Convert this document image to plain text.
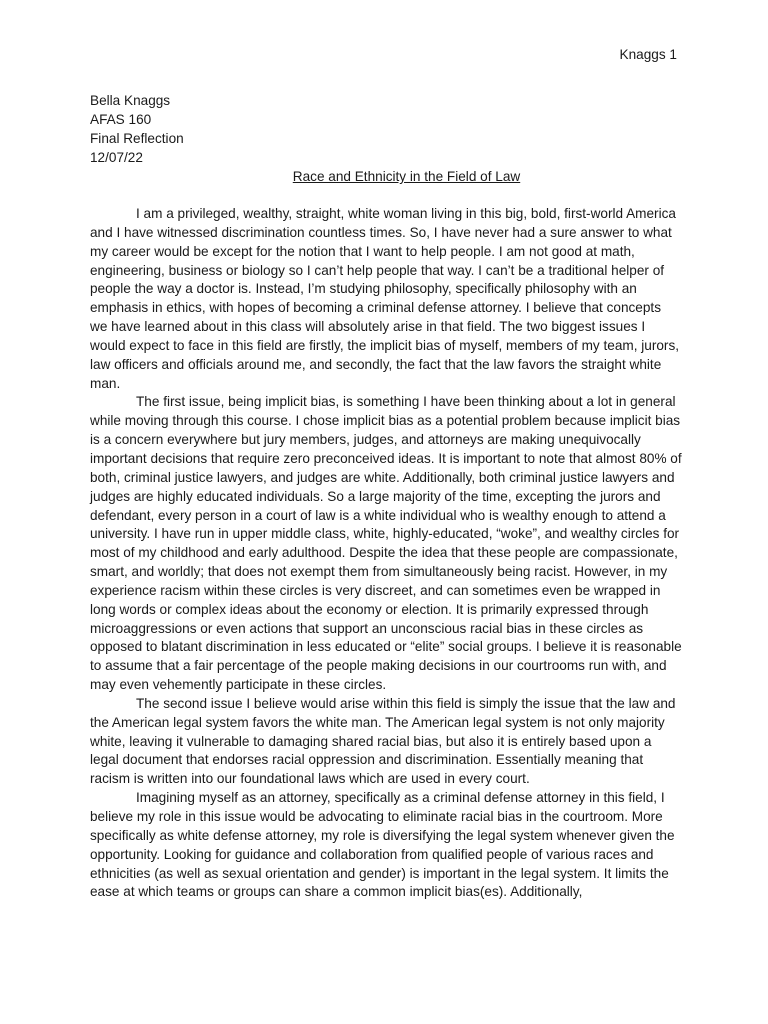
Knaggs 1
Bella Knaggs
AFAS 160
Final Reflection
12/07/22
Race and Ethnicity in the Field of Law

I am a privileged, wealthy, straight, white woman living in this big, bold, first-world America and I have witnessed discrimination countless times. So, I have never had a sure answer to what my career would be except for the notion that I want to help people. I am not good at math, engineering, business or biology so I can’t help people that way. I can’t be a traditional helper of people the way a doctor is. Instead, I’m studying philosophy, specifically philosophy with an emphasis in ethics, with hopes of becoming a criminal defense attorney. I believe that concepts we have learned about in this class will absolutely arise in that field. The two biggest issues I would expect to face in this field are firstly, the implicit bias of myself, members of my team, jurors, law officers and officials around me, and secondly, the fact that the law favors the straight white man.

The first issue, being implicit bias, is something I have been thinking about a lot in general while moving through this course. I chose implicit bias as a potential problem because implicit bias is a concern everywhere but jury members, judges, and attorneys are making unequivocally important decisions that require zero preconceived ideas. It is important to note that almost 80% of both, criminal justice lawyers, and judges are white. Additionally, both criminal justice lawyers and judges are highly educated individuals. So a large majority of the time, excepting the jurors and defendant, every person in a court of law is a white individual who is wealthy enough to attend a university. I have run in upper middle class, white, highly-educated, “woke”, and wealthy circles for most of my childhood and early adulthood. Despite the idea that these people are compassionate, smart, and worldly; that does not exempt them from simultaneously being racist. However, in my experience racism within these circles is very discreet, and can sometimes even be wrapped in long words or complex ideas about the economy or election. It is primarily expressed through microaggressions or even actions that support an unconscious racial bias in these circles as opposed to blatant discrimination in less educated or “elite” social groups. I believe it is reasonable to assume that a fair percentage of the people making decisions in our courtrooms run with, and may even vehemently participate in these circles.

The second issue I believe would arise within this field is simply the issue that the law and the American legal system favors the white man. The American legal system is not only majority white, leaving it vulnerable to damaging shared racial bias, but also it is entirely based upon a legal document that endorses racial oppression and discrimination. Essentially meaning that racism is written into our foundational laws which are used in every court.

Imagining myself as an attorney, specifically as a criminal defense attorney in this field, I believe my role in this issue would be advocating to eliminate racial bias in the courtroom. More specifically as white defense attorney, my role is diversifying the legal system whenever given the opportunity. Looking for guidance and collaboration from qualified people of various races and ethnicities (as well as sexual orientation and gender) is important in the legal system. It limits the ease at which teams or groups can share a common implicit bias(es). Additionally,
